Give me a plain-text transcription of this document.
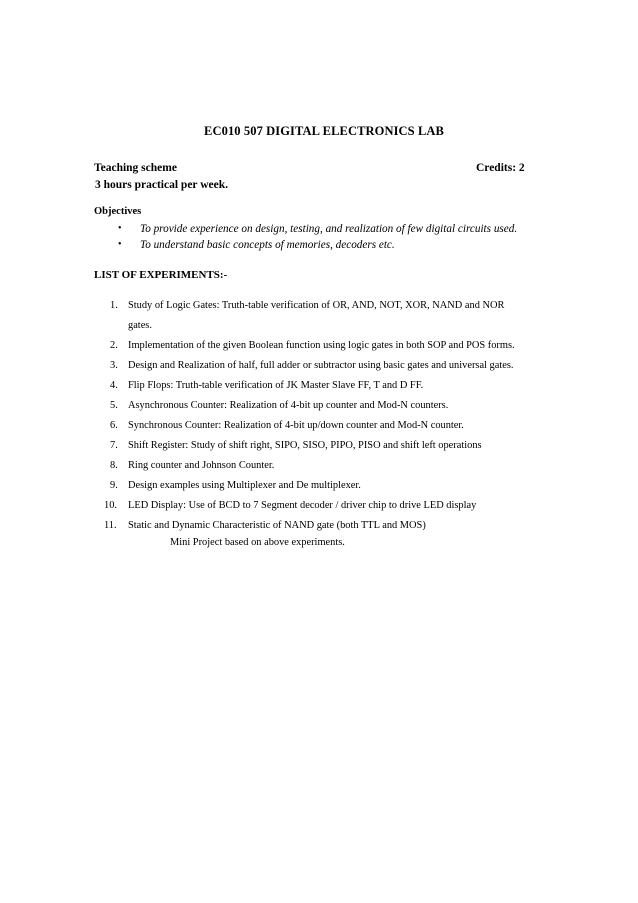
EC010 507 DIGITAL ELECTRONICS LAB
Teaching scheme	Credits: 2
3 hours practical per week.
Objectives
• To provide experience on design, testing, and realization of few digital circuits used.
• To understand basic concepts of memories, decoders etc.
LIST OF EXPERIMENTS:-
1. Study of Logic Gates: Truth-table verification of OR, AND, NOT, XOR, NAND and NOR
gates.
2. Implementation of the given Boolean function using logic gates in both SOP and POS forms.
3. Design and Realization of half, full adder or subtractor using basic gates and universal gates.
4. Flip Flops: Truth-table verification of JK Master Slave FF, T and D FF.
5. Asynchronous Counter: Realization of 4-bit up counter and Mod-N counters.
6. Synchronous Counter: Realization of 4-bit up/down counter and Mod-N counter.
7. Shift Register: Study of shift right, SIPO, SISO, PIPO, PISO and shift left operations
8. Ring counter and Johnson Counter.
9. Design examples using Multiplexer and De multiplexer.
10. LED Display: Use of BCD to 7 Segment decoder / driver chip to drive LED display
11. Static and Dynamic Characteristic of NAND gate (both TTL and MOS)
Mini Project based on above experiments.
